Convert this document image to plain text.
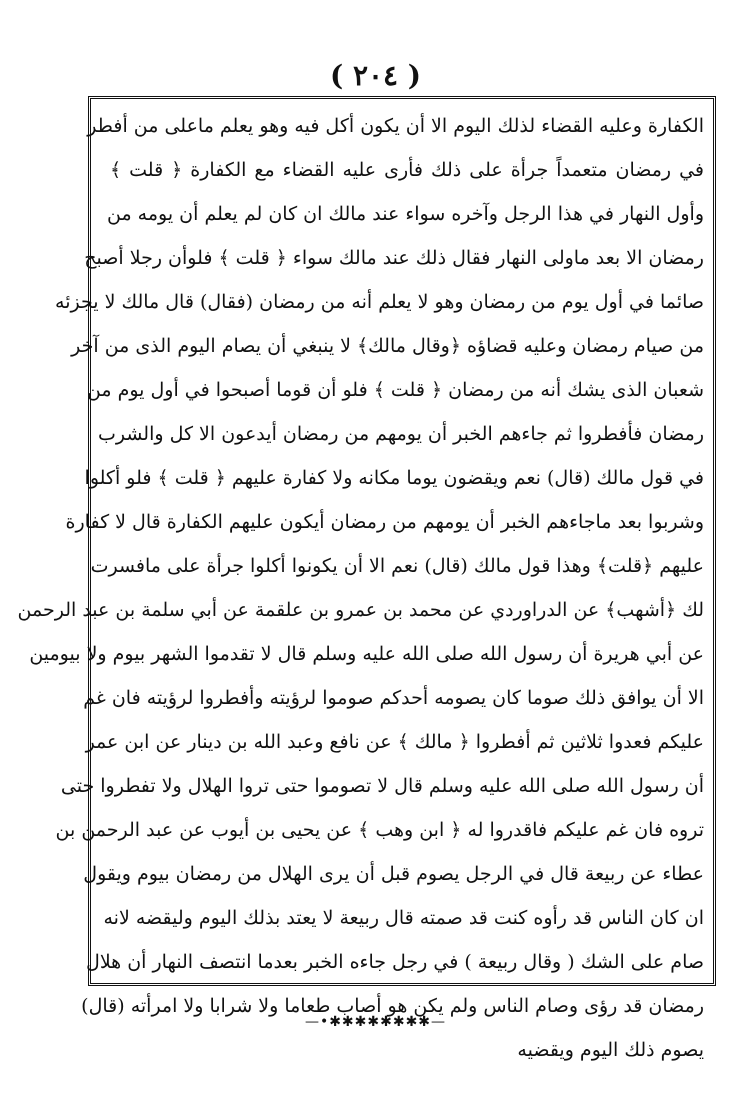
( ٢٠٤ )
الكفارة وعليه القضاء لذلك اليوم الا أن يكون أكل فيه وهو يعلم ماعلى من أفطر
في رمضان متعمداً جرأة على ذلك فأرى عليه القضاء مع الكفارة ﴿ قلت ﴾
وأول النهار في هذا الرجل وآخره سواء عند مالك ان كان لم يعلم أن يومه من
رمضان الا بعد ماولى النهار فقال ذلك عند مالك سواء ﴿ قلت ﴾ فلوأن رجلا أصبح
صائما في أول يوم من رمضان وهو لا يعلم أنه من رمضان (فقال) قال مالك لا يجزئه
من صيام رمضان وعليه قضاؤه ﴿وقال مالك﴾ لا ينبغي أن يصام اليوم الذى من آخر
شعبان الذى يشك أنه من رمضان ﴿ قلت ﴾ فلو أن قوما أصبحوا في أول يوم من
رمضان فأفطروا ثم جاءهم الخبر أن يومهم من رمضان أيدعون الا كل والشرب
في قول مالك (قال) نعم ويقضون يوما مكانه ولا كفارة عليهم ﴿ قلت ﴾ فلو أكلوا
وشربوا بعد ماجاءهم الخبر أن يومهم من رمضان أيكون عليهم الكفارة قال لا كفارة
عليهم ﴿قلت﴾ وهذا قول مالك (قال) نعم الا أن يكونوا أكلوا جرأة على مافسرت
لك ﴿أشهب﴾ عن الدراوردي عن محمد بن عمرو بن علقمة عن أبي سلمة بن عبد الرحمن
عن أبي هريرة أن رسول الله صلى الله عليه وسلم قال لا تقدموا الشهر بيوم ولا بيومين
الا أن يوافق ذلك صوما كان يصومه أحدكم صوموا لرؤيته وأفطروا لرؤيته فان غم
عليكم فعدوا ثلاثين ثم أفطروا ﴿ مالك ﴾ عن نافع وعبد الله بن دينار عن ابن عمر
أن رسول الله صلى الله عليه وسلم قال لا تصوموا حتى تروا الهلال ولا تفطروا حتى
تروه فان غم عليكم فاقدروا له ﴿ ابن وهب ﴾ عن يحيى بن أيوب عن عبد الرحمن بن
عطاء عن ربيعة قال في الرجل يصوم قبل أن يرى الهلال من رمضان بيوم ويقول
ان كان الناس قد رأوه كنت قد صمته قال ربيعة لا يعتد بذلك اليوم وليقضه لانه
صام على الشك ( وقال ربيعة ) في رجل جاءه الخبر بعدما انتصف النهار أن هلال
رمضان قد رؤى وصام الناس ولم يكن هو أصاب طعاما ولا شرابا ولا امرأته (قال)
يصوم ذلك اليوم ويقضيه
—•✱✱✱✱✱✱✱✱—
